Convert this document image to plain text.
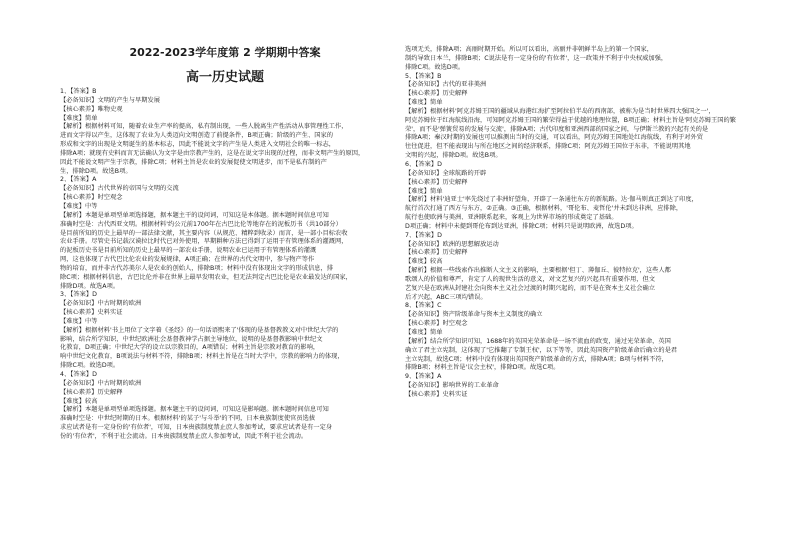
2022-2023学年度第 2 学期期中答案
高一历史试题
1、【答案】B
【必备知识】文明的产生与早期发展
【核心素养】唯物史观
【难度】简单
【解析】根据材料可知，随着农业生产率的提高，私有制出现，一些人脱离生产性活动从事管理性工作，
进而文字得以产生，这体现了农业为人类迈向文明创造了前提条件，B项正确；阶级的产生、国家的
形成和文字的出现是文明诞生的基本标志，因此不能说文字的产生是人类进入文明社会的唯一标志，
排除A项；就现有史料而言无法确认为文字是由宗教产生的，这是在说文字出现的过程，而非文明产生的原因，
因此不能说文明产生于宗教，排除C项；材料主旨是农业的发展促使文明进步，而不是私有制的产
生，排除D项。故选B项。
2、【答案】A
【必备知识】古代世界的帝国与文明的交流
【核心素养】时空观念
【难度】中等
【解析】本题是单项型单项选择题，据本题主干的设问词，可知这是本体题。据本题时间信息可知
准确时空是：古代西亚文明。根据材料'约公元前1700年在古巴比伦等地存在的泥板历书（共10部分）
是目前所知的历史上最早的一部法律文献，其主要内容（从规范、精粹到收录）而言，是一部小目标农收
农业手册。尽管史书记载汉谟拉比时代已对外使用，早期耕种方法已得到了运用于有管理体系的灌溉网，
的泥板历史书是目前所知的历史上最早的一部农业手册，说明农业已运用于有管理体系的灌溉
网，这也体现了古代巴比伦农业的发展规律，A项正确；在世界的古代文明中，参与物产等作
物的培育，而并非古代苏美尔人是农业的创始人，排除B项；材料中没有体现出文字的形成信息，排
除C项；根据材料信息，古巴比伦并非在世界上最早发明农业，但无法判定古巴比伦是农业最发达的国家，
排除D项。故选A项。
3、【答案】D
【必备知识】中古时期的欧洲
【核心素养】史料实证
【难度】中等
【解析】根据材料'书上用位了文字着《圣经》的一句话语熙来了'体现的是基督教教义对中世纪大学的
影响，结合所学知识，中世纪欧洲社会基督教神学占据主导地位，说明的是基督教影响中世纪文
化教育，D项正确；中世纪大学的设立以宗教目的，A项错误；材料主旨是宗教对教育的影响，
响中世纪文化教育，B项说法与材料不符，排除B项；材料主旨是在当时大学中，宗教的影响力的体现，
排除C项。故选D项。
4、【答案】D
【必备知识】中古时期的欧洲
【核心素养】历史解释
【难度】较高
【解析】本题是单项型单项选择题。据本题主干的设问词，可知这是影响题。据本题时间信息可知
准确时空是：中世纪时期的日本。根据材料'的某子'与斗举'的不同，日本贵族制度使官员选拔
求应试者是有一定身份的'有位者'，可知，日本贵族制度禁止庶人参加考试，要求应试者是有一定身
份的'有位者'，不利于社会流动。日本贵族制度禁止庶人参加考试，因此不利于社会流动。
选项无关，排除A项；高丽时期开始。所以可以看出，高丽并非朝鲜半岛上的第一个国家，
制约导致日本兰，排除B项；C说法是有一定身份的'有位者'，这一政策并不利于中央权威加强，
排除C项。故选D项。
5、【答案】B
【必备知识】古代的亚非美洲
【核心素养】历史解释
【难度】简单
【解析】根据材料'阿克苏姆王国的疆域从海港红海扩至阿拉伯半岛的西南部，被称为是当时世界四大强国之一'，
阿克苏姆位于红海航线沿海，可知阿克苏姆王国的繁荣得益于优越的地理位置，B项正确；材料主旨是'阿克苏姆王国的繁
荣'，而不是'弹簧贸易的发展与交流'，排除A项；古代印度和亚洲西部的国家之间，与伊斯兰教的兴起有关的是
排除A项；秦汉时期的发展也可以推测出当时的交通，可以看出，阿克苏姆王国地处红海航线，有利于对外贸
往往促进，但不能表现出与所在地区之间的经济联系，排除C项；阿克苏姆王国位于东非，不能说明其地
文明的兴起，排除D项。故选B项。
6、【答案】D
【必备知识】全球航路的开辟
【核心素养】历史解释
【难度】简单
【解析】材料'迪亚士'率先绕过了非洲好望角，开辟了一条通往东方的新航路。达·伽马则真正到达了印度，
航行首次打通了西方与东方，②正确。③正确，根据材料，'哥伦布、麦哲伦'并未到达非洲，应排除，
航行也使欧洲与美洲、亚洲联系起来，客观上为世界市场的形成奠定了基础。
D项正确；材料中未提到哥伦布到达亚洲，排除C项；材料只是说明欧洲，故选D项。
7、【答案】D
【必备知识】欧洲的思想解放运动
【核心素养】历史解释
【难度】较高
【解析】根据一些线索作出推断人文主义的影响，主要根据'但丁、薄伽丘、彼特拉克'，这些人都
歌颂人的价值和尊严，肯定了人的现世生活的意义，对文艺复兴的兴起具有重要作用，但文
艺复兴是在欧洲从封建社会向资本主义社会过渡的时期兴起的，而不是在资本主义社会确立
后才兴起，ABC三项均错误。
8、【答案】C
【必备知识】资产阶级革命与资本主义制度的确立
【核心素养】时空观念
【难度】简单
【解析】结合所学知识可知，1688年的英国光荣革命是一场不流血的政变，通过光荣革命，英国
确立了君主立宪制，这体现了'它推翻了专制王权'，以下等等，因此英国资产阶级革命后确立的是君
主立宪制，故选C项；材料中没有体现出英国资产阶级革命的方式，排除A项；B项与材料不符，
排除B项；材料主旨是'议会主权'，排除D项。故选C项。
9、【答案】A
【必备知识】影响世界的工业革命
【核心素养】史料实证
